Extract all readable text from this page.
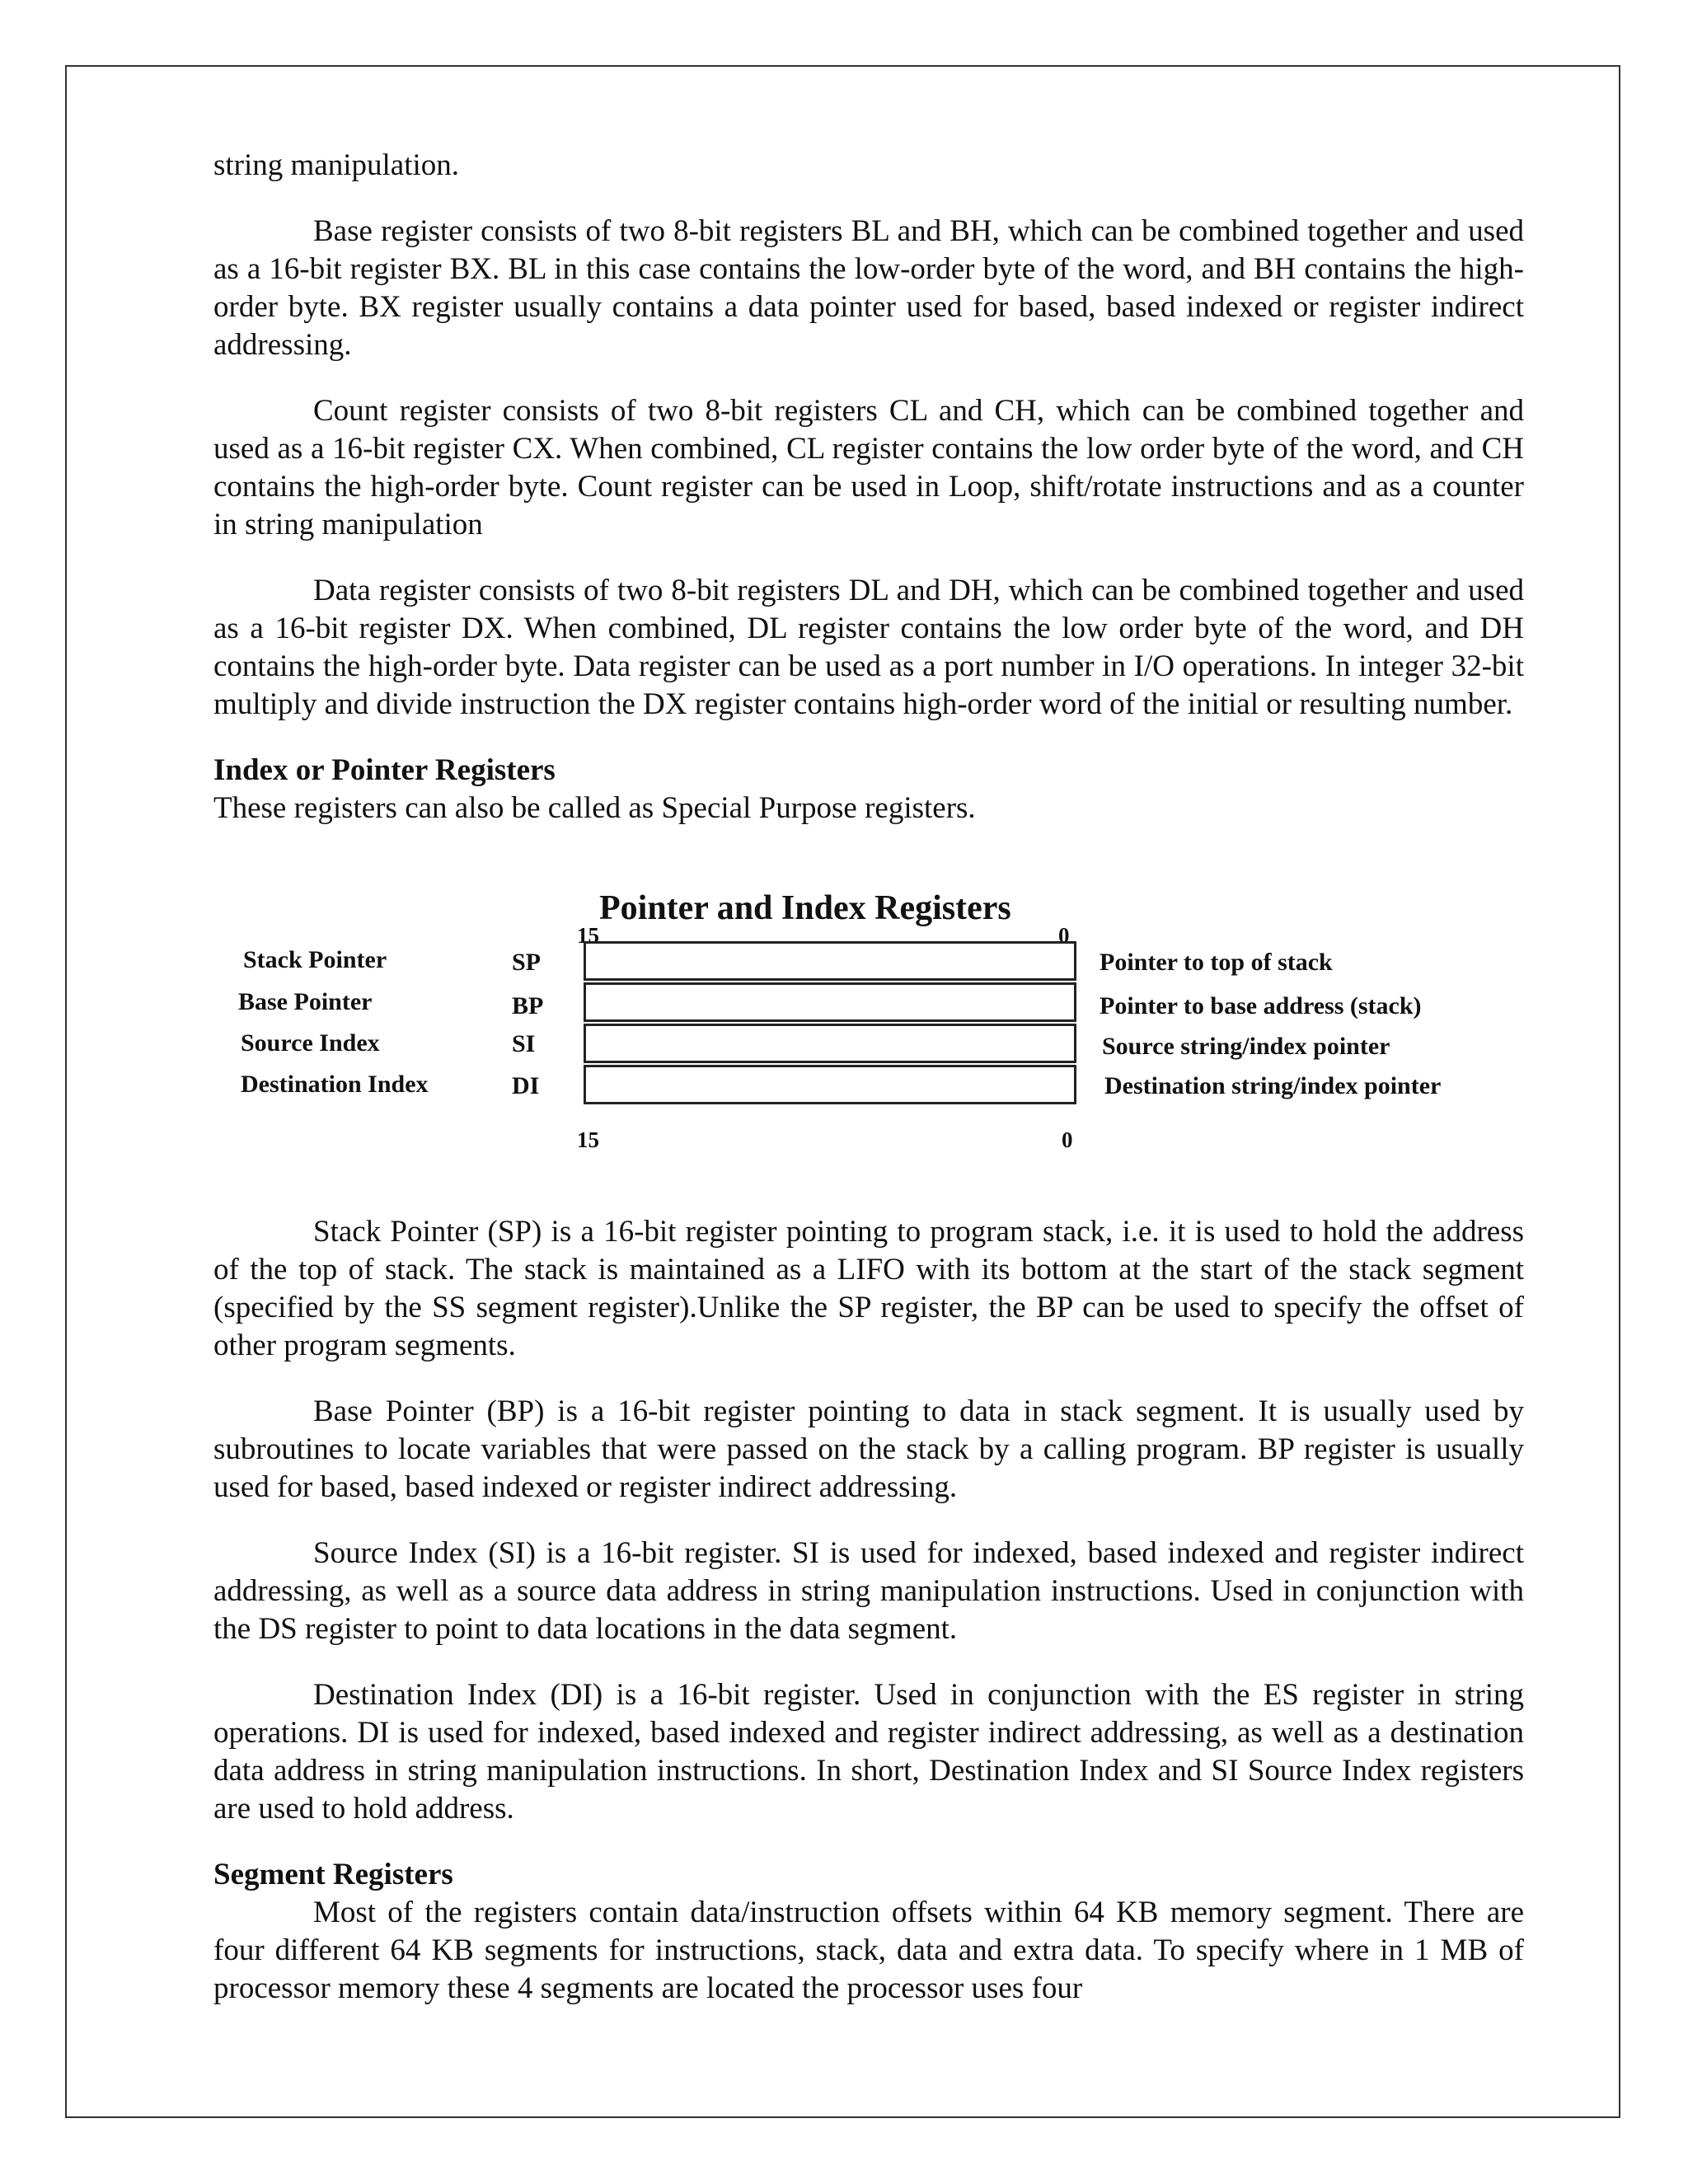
string manipulation.

Base register consists of two 8-bit registers BL and BH, which can be combined together and used as a 16-bit register BX. BL in this case contains the low-order byte of the word, and BH contains the high-order byte. BX register usually contains a data pointer used for based, based indexed or register indirect addressing.

Count register consists of two 8-bit registers CL and CH, which can be combined together and used as a 16-bit register CX. When combined, CL register contains the low order byte of the word, and CH contains the high-order byte. Count register can be used in Loop, shift/rotate instructions and as a counter in string manipulation

Data register consists of two 8-bit registers DL and DH, which can be combined together and used as a 16-bit register DX. When combined, DL register contains the low order byte of the word, and DH contains the high-order byte. Data register can be used as a port number in I/O operations. In integer 32-bit multiply and divide instruction the DX register contains high-order word of the initial or resulting number.

Index or Pointer Registers

These registers can also be called as Special Purpose registers.

Pointer and Index Registers
15	0
Stack Pointer	SP	Pointer to top of stack
Base Pointer	BP	Pointer to base address (stack)
Source Index	SI	Source string/index pointer
Destination Index	DI	Destination string/index pointer
15	0

Stack Pointer (SP) is a 16-bit register pointing to program stack, i.e. it is used to hold the address of the top of stack. The stack is maintained as a LIFO with its bottom at the start of the stack segment (specified by the SS segment register).Unlike the SP register, the BP can be used to specify the offset of other program segments.

Base Pointer (BP) is a 16-bit register pointing to data in stack segment. It is usually used by subroutines to locate variables that were passed on the stack by a calling program. BP register is usually used for based, based indexed or register indirect addressing.

Source Index (SI) is a 16-bit register. SI is used for indexed, based indexed and register indirect addressing, as well as a source data address in string manipulation instructions. Used in conjunction with the DS register to point to data locations in the data segment.

Destination Index (DI) is a 16-bit register. Used in conjunction with the ES register in string operations. DI is used for indexed, based indexed and register indirect addressing, as well as a destination data address in string manipulation instructions. In short, Destination Index and SI Source Index registers are used to hold address.

Segment Registers

Most of the registers contain data/instruction offsets within 64 KB memory segment. There are four different 64 KB segments for instructions, stack, data and extra data. To specify where in 1 MB of processor memory these 4 segments are located the processor uses four
